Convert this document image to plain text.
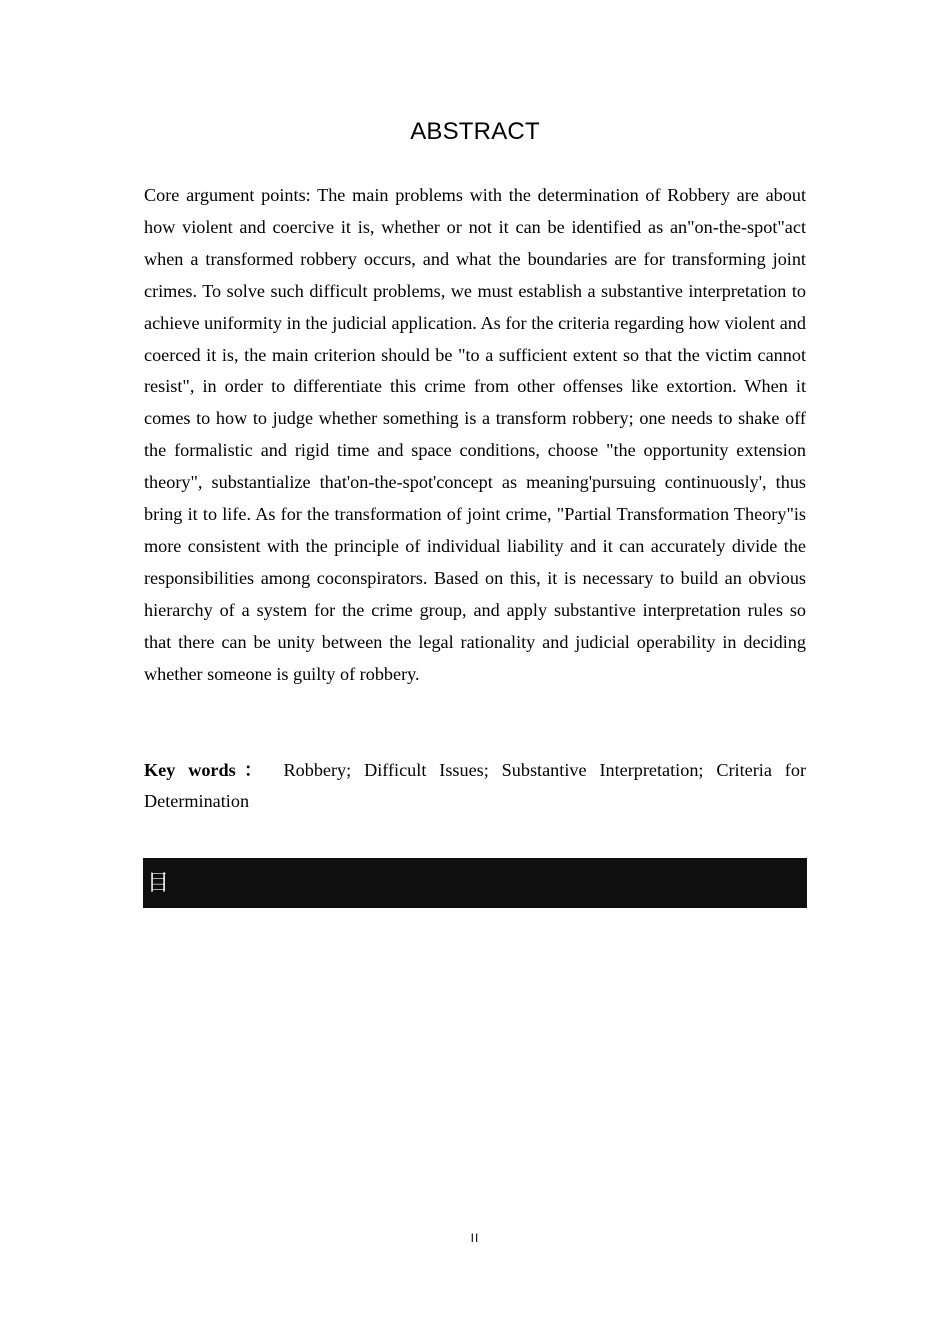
ABSTRACT

Core argument points: The main problems with the determination of Robbery are about how violent and coercive it is, whether or not it can be identified as an"on-the-spot"act when a transformed robbery occurs, and what the boundaries are for transforming joint crimes. To solve such difficult problems, we must establish a substantive interpretation to achieve uniformity in the judicial application. As for the criteria regarding how violent and coerced it is, the main criterion should be "to a sufficient extent so that the victim cannot resist", in order to differentiate this crime from other offenses like extortion. When it comes to how to judge whether something is a transform robbery; one needs to shake off the formalistic and rigid time and space conditions, choose "the opportunity extension theory", substantialize that'on-the-spot'concept as meaning'pursuing continuously', thus bring it to life. As for the transformation of joint crime, "Partial Transformation Theory"is more consistent with the principle of individual liability and it can accurately divide the responsibilities among coconspirators. Based on this, it is necessary to build an obvious hierarchy of a system for the crime group, and apply substantive interpretation rules so that there can be unity between the legal rationality and judicial operability in deciding whether someone is guilty of robbery.

Key words： Robbery; Difficult Issues; Substantive Interpretation; Criteria for Determination

目
II
